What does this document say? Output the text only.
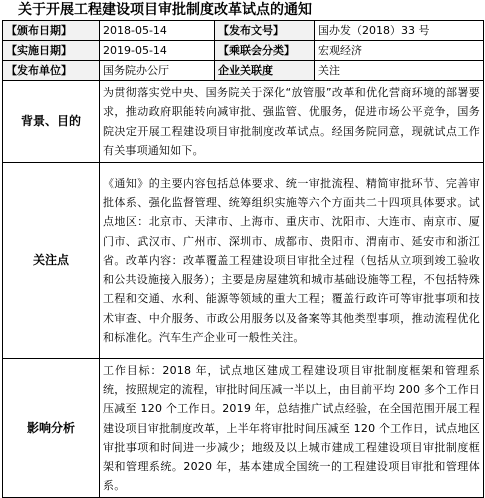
关于开展工程建设项目审批制度改革试点的通知
【颁布日期】	2018-05-14	【发布文号】	国办发（2018）33 号
【实施日期】	2019-05-14	【乘联会分类】	宏观经济
【发布单位】	国务院办公厅	企业关联度	关注
背景、目的	为贯彻落实党中央、国务院关于深化“放管服”改革和优化营商环境的部署要求，推动政府职能转向减审批、强监管、优服务，促进市场公平竞争，国务院决定开展工程建设项目审批制度改革试点。经国务院同意，现就试点工作有关事项通知如下。		
关注点	《通知》的主要内容包括总体要求、统一审批流程、精简审批环节、完善审批体系、强化监督管理、统筹组织实施等六个方面共二十四项具体要求。试点地区：北京市、天津市、上海市、重庆市、沈阳市、大连市、南京市、厦门市、武汉市、广州市、深圳市、成都市、贵阳市、渭南市、延安市和浙江省。改革内容：改革覆盖工程建设项目审批全过程（包括从立项到竣工验收和公共设施接入服务）；主要是房屋建筑和城市基础设施等工程，不包括特殊工程和交通、水利、能源等领域的重大工程；覆盖行政许可等审批事项和技术审查、中介服务、市政公用服务以及备案等其他类型事项，推动流程优化和标准化。汽车生产企业可一般性关注。		
影响分析	工作目标：2018 年，试点地区建成工程建设项目审批制度框架和管理系统，按照规定的流程，审批时间压减一半以上，由目前平均 200 多个工作日压减至 120 个工作日。2019 年，总结推广试点经验，在全国范围开展工程建设项目审批制度改革，上半年将审批时间压减至 120 个工作日，试点地区审批事项和时间进一步减少；地级及以上城市建成工程建设项目审批制度框架和管理系统。2020 年，基本建成全国统一的工程建设项目审批和管理体系。		
